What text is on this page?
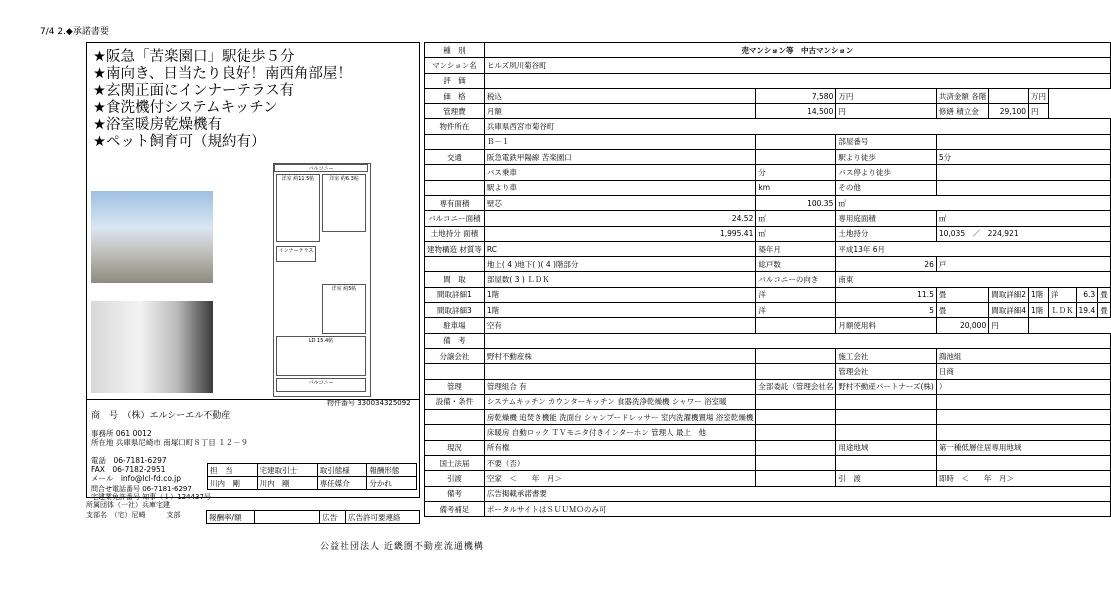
7/4 2.◆承諾書要
★阪急「苦楽園口」駅徒歩５分
★南向き、日当たり良好！南西角部屋！
★玄関正面にインナーテラス有
★食洗機付システムキッチン
★浴室暖房乾燥機有
★ペット飼育可（規約有）
バルコニー
洋室 約11.5帖	洋室 約6.3帖
インナーテラス
洋室 約5帖
LD 15.4帖
バルコニー
物件番号 330034325092
商　号　 （株）エルシーエル不動産
事務所 061 0012
所在地 兵庫県尼崎市 南塚口町８丁目 １２－９
電話　06-7181-6297
FAX　06-7182-2951
メール　info@lcl-fd.co.jp
問合せ電話番号 06-7181-6297
宅建業免許番号 知事（１）124437号
担　当	宅建取引士	取引態様	報酬形態
川内　剛	川内　剛	専任媒介	分かれ
所属団体（一社）兵庫宅建
支部名　（宅）尼崎　　　支部	報酬率/額		広告	広告許可要連絡
種　別	売マンション等　中古マンション								
マンション名	ヒルズ夙川菊谷町								
評　価									
価　格	税込	7,580	万円	共済金額 各階		万円			
管理費	月額	14,500	円	修繕 積立金	29,100	円			
物件所在	兵庫県西宮市菊谷町								
	Ｂ－１		部屋番号						
交通	阪急電鉄甲陽線 苦楽園口		駅より徒歩	5分					
	バス乗車	分	バス停より徒歩						
	駅より車	km	その他						
専有面積	壁芯	100.35	㎡						
バルコニー面積	24.52	㎡	専用庭面積	㎡					
土地持分 面積	1,995.41	㎡	土地持分	10,035　／　224,921					
建物構造 材質等	RC	築年月	平成13年 6月						
	地上( 4 )地下( )( 4 )階部分	総戸数	26	戸					
間　取	部屋数( 3 ) ＬＤＫ	バルコニーの向き	南東						
間取詳細1	1階	洋	11.5	畳	間取詳細2	1階	洋	6.3	畳
間取詳細3	1階	洋	5	畳	間取詳細4	1階	ＬＤＫ	19.4	畳
駐車場	空有		月額使用料	20,000	円				
備　考									
分譲会社	野村不動産株		施工会社	鴻池組					
			管理会社	日商					
管理	管理組合 有	全部委託（管理会社名	野村不動産パートナーズ(株)	）					
設備・条件	システムキッチン カウンターキッチン 食器洗浄乾燥機 シャワー 浴室暖								
	房乾燥機 追焚き機能 洗面台 シャンプードレッサー 室内洗濯機置場 浴室乾燥機								
	床暖房 自動ロック ＴＶモニタ付きインターホン 管理人 最上　他								
現況	所有権		用途地域	第一種低層住居専用地域					
国土法届	不要（否）								
引渡	空家　＜　　年　月＞		引　渡	即時　＜　　年　月＞					
備考	広告掲載承諾書要								
備考補足	ポータルサイトはＳＵＵＭＯのみ可								
公益社団法人 近畿圏不動産流通機構
